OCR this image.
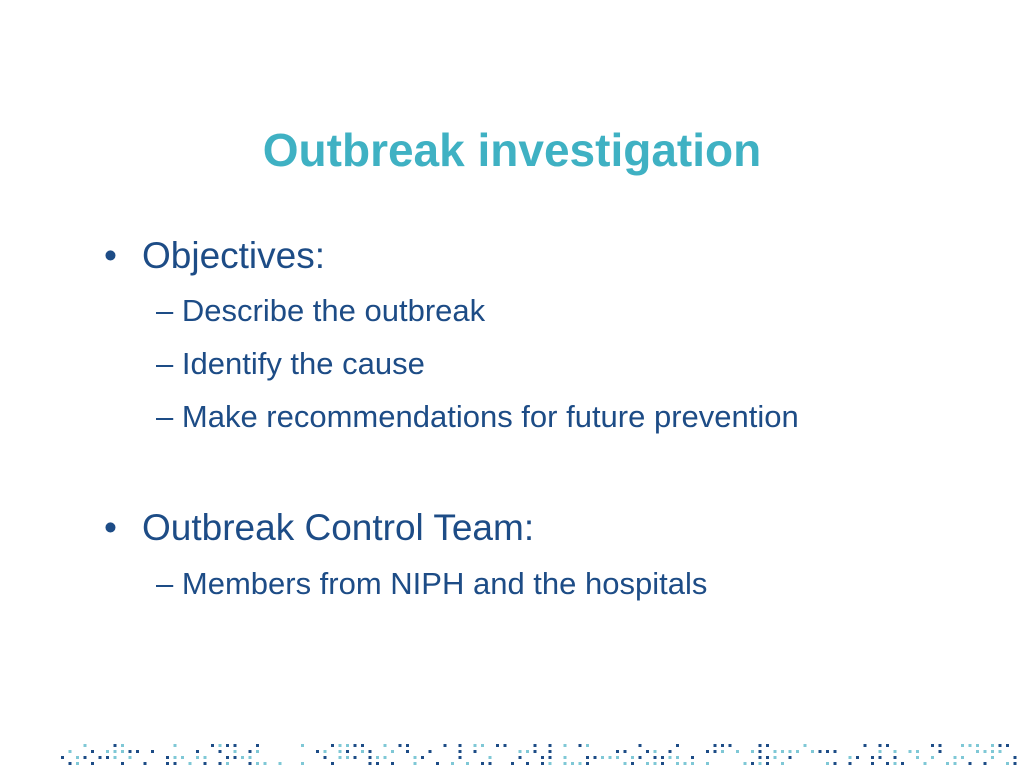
Outbreak investigation
• Objectives:
– Describe the outbreak
– Identify the cause
– Make recommendations for future prevention
• Outbreak Control Team:
– Members from NIPH and the hospitals
